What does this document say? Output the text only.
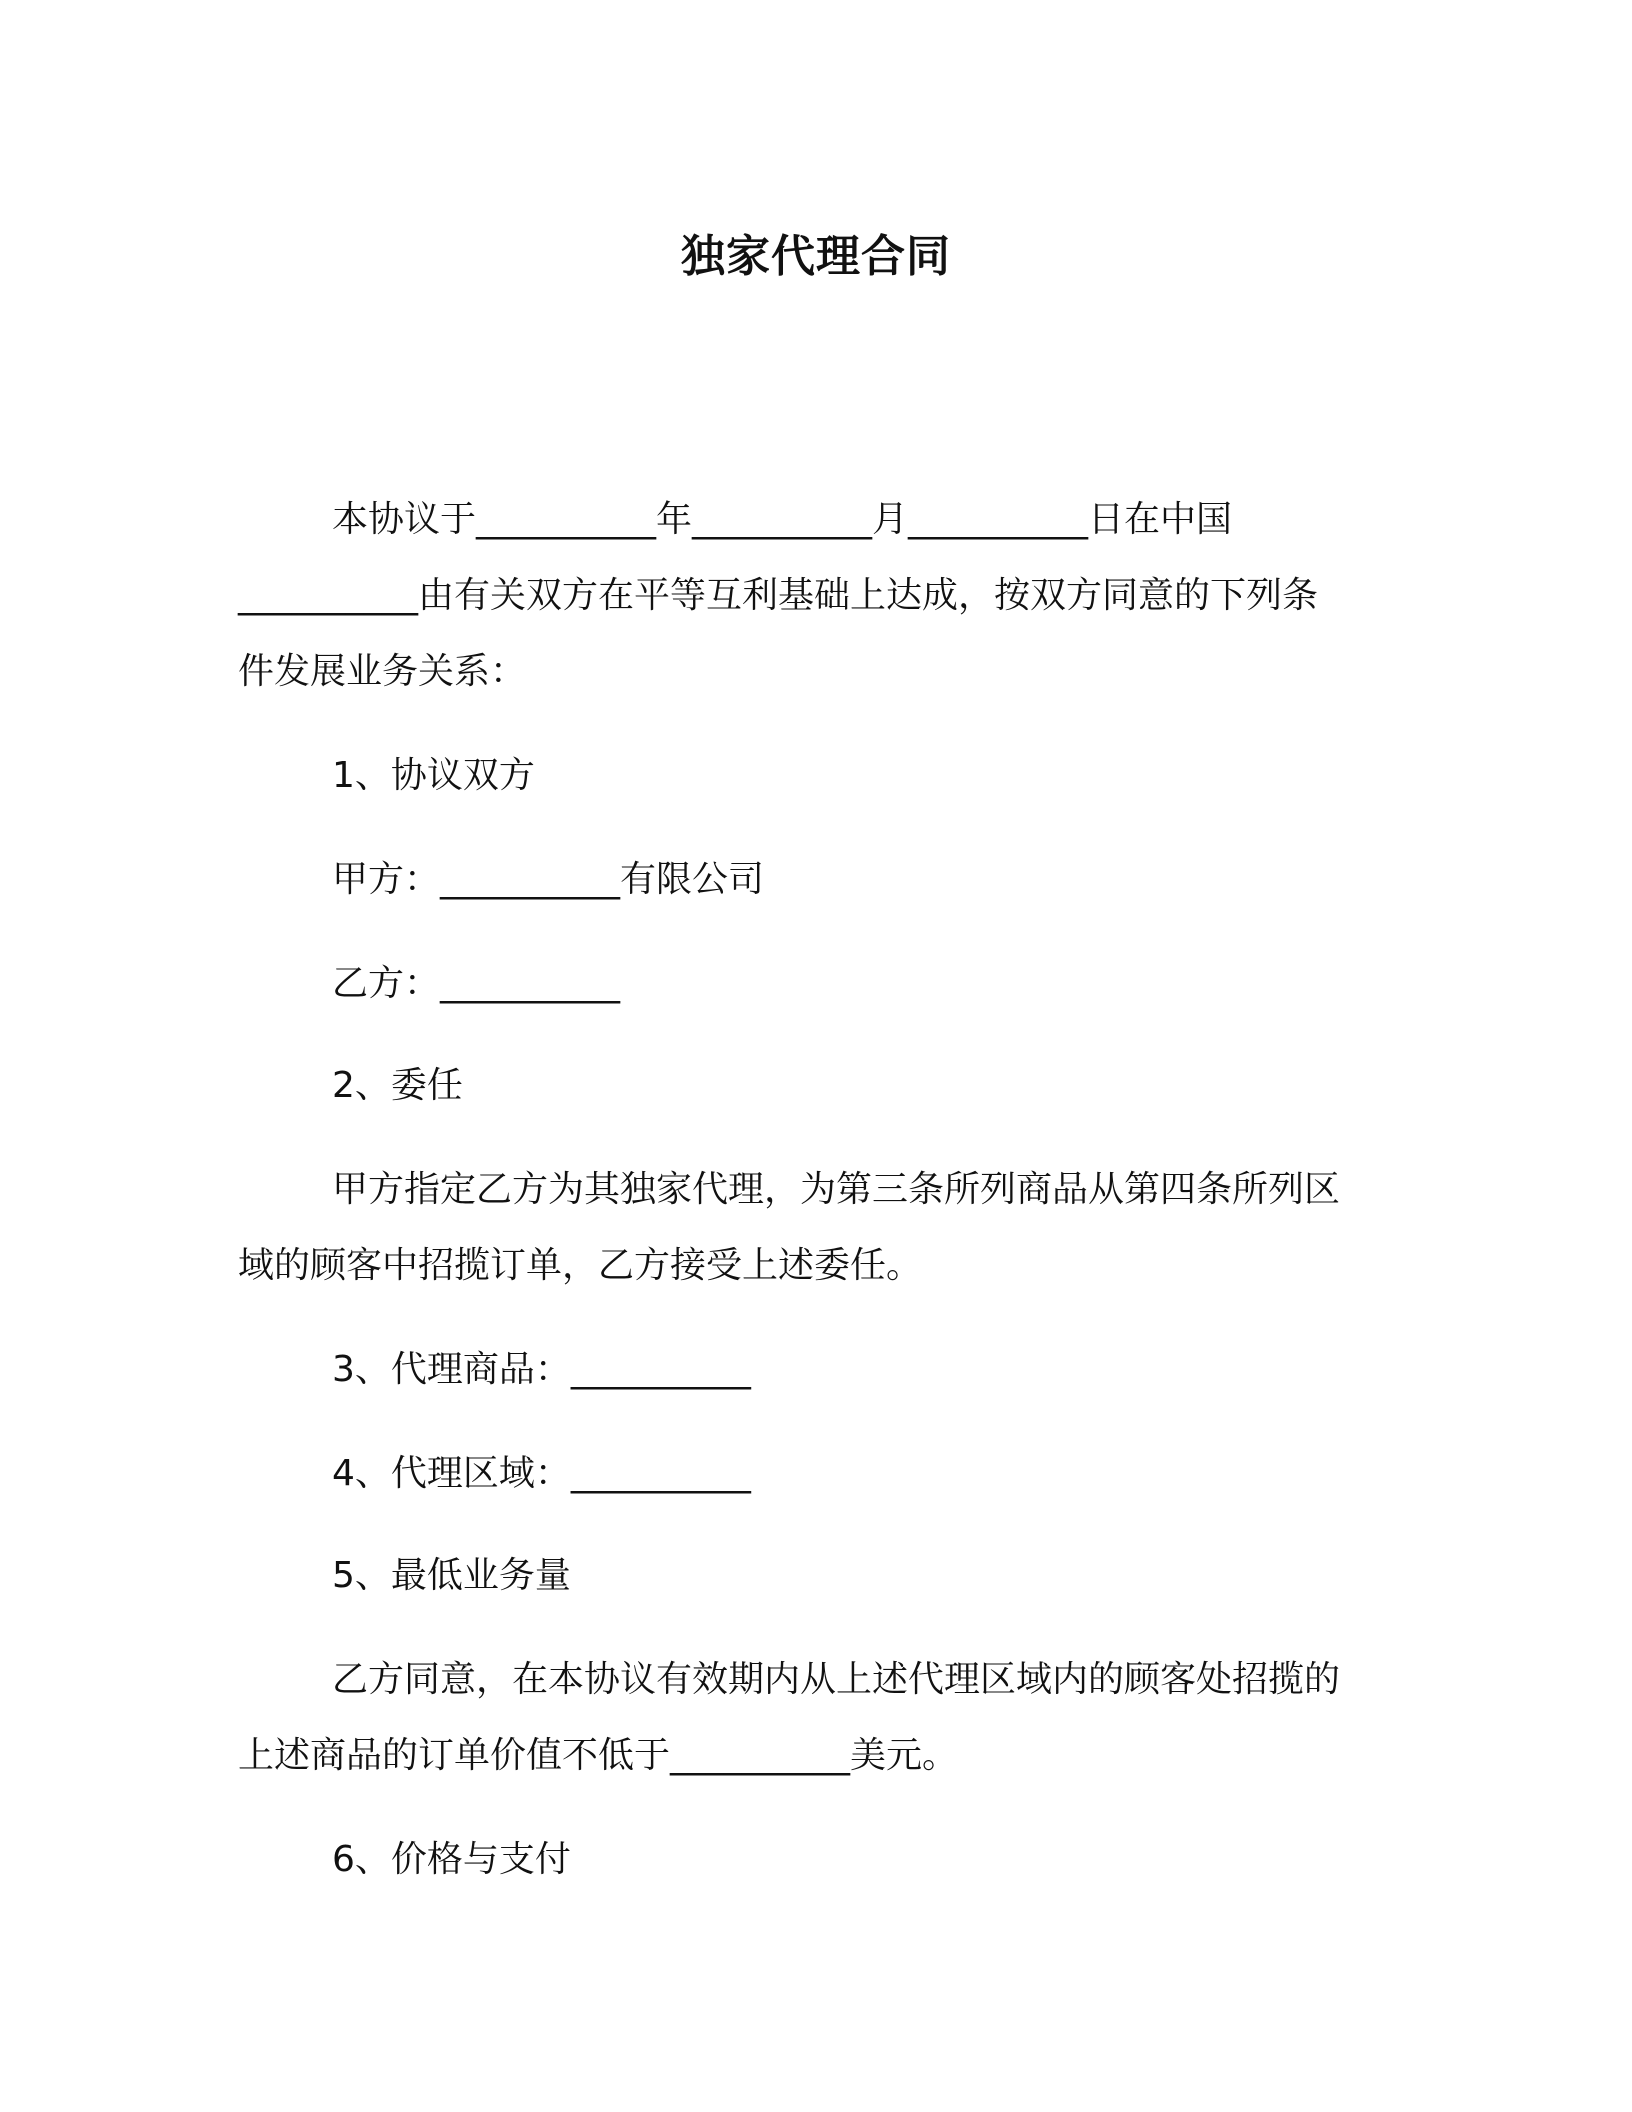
独家代理合同
本协议于__________年__________月__________日在中国
__________由有关双方在平等互利基础上达成，按双方同意的下列条
件发展业务关系：
1、协议双方
甲方：__________有限公司
乙方：__________
2、委任
甲方指定乙方为其独家代理，为第三条所列商品从第四条所列区
域的顾客中招揽订单，乙方接受上述委任。
3、代理商品：__________
4、代理区域：__________
5、最低业务量
乙方同意，在本协议有效期内从上述代理区域内的顾客处招揽的
上述商品的订单价值不低于__________美元。
6、价格与支付
